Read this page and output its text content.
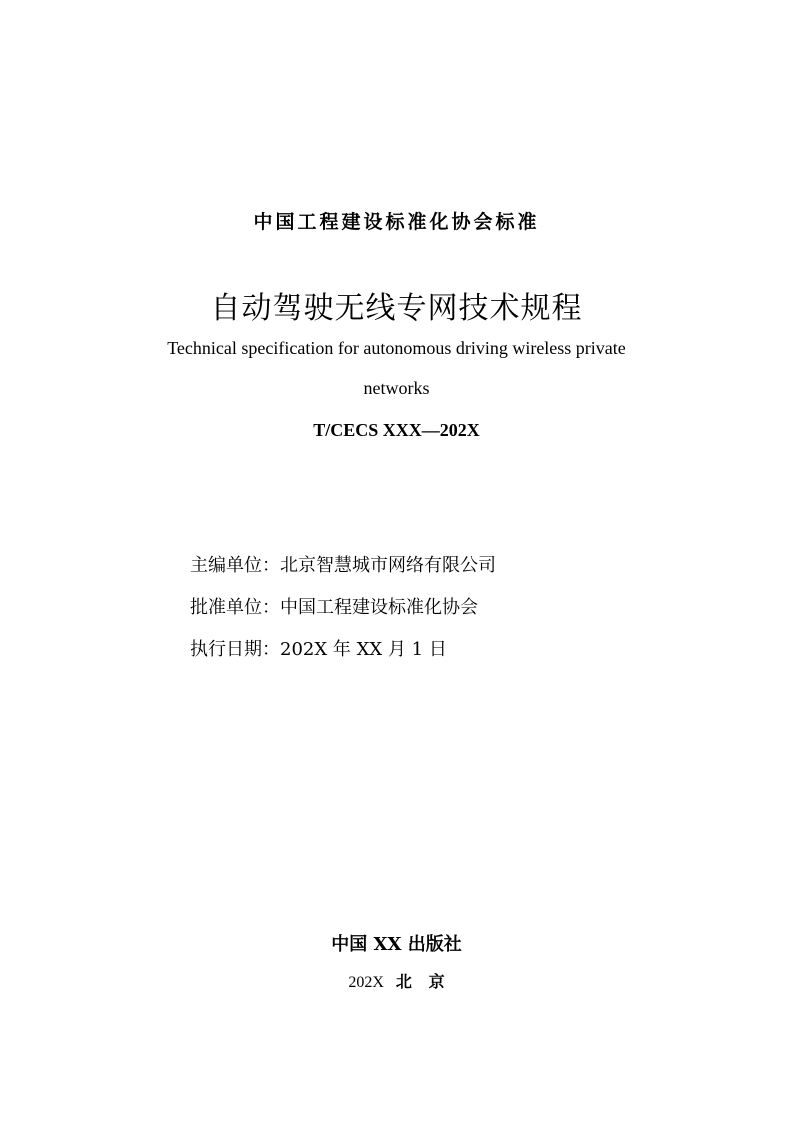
中国工程建设标准化协会标准
自动驾驶无线专网技术规程
Technical specification for autonomous driving wireless private
networks
T/CECS XXX—202X
主编单位：北京智慧城市网络有限公司
批准单位：中国工程建设标准化协会
执行日期：202X 年 XX 月 1 日
中国 XX 出版社
202X 北   京
